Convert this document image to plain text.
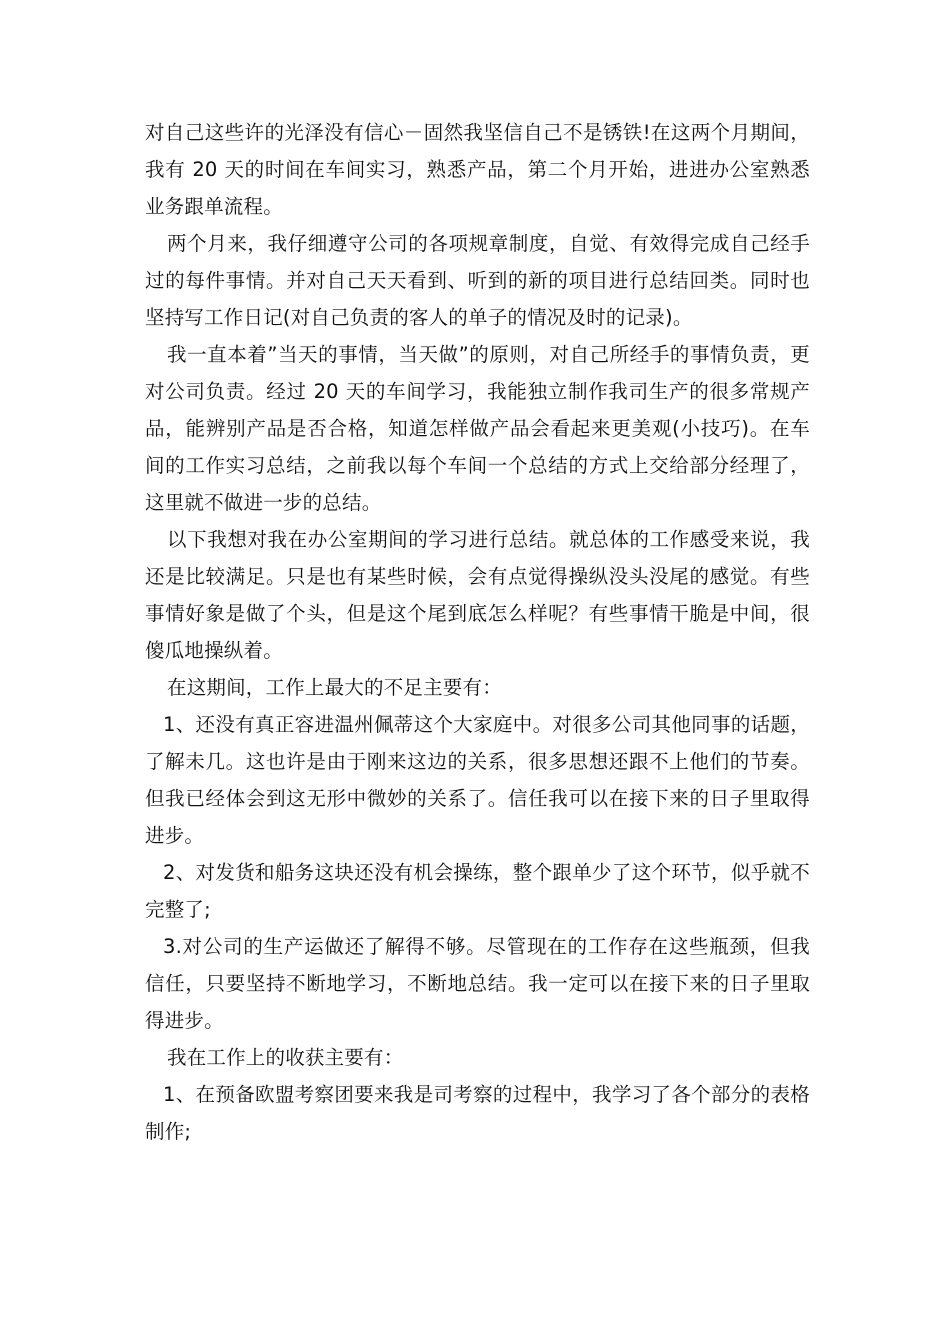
对自己这些许的光泽没有信心－固然我坚信自己不是锈铁!在这两个月期间，我有 20 天的时间在车间实习，熟悉产品，第二个月开始，进进办公室熟悉业务跟单流程。

两个月来，我仔细遵守公司的各项规章制度，自觉、有效得完成自己经手过的每件事情。并对自己天天看到、听到的新的项目进行总结回类。同时也坚持写工作日记(对自己负责的客人的单子的情况及时的记录)。

我一直本着”当天的事情，当天做”的原则，对自己所经手的事情负责，更对公司负责。经过 20 天的车间学习，我能独立制作我司生产的很多常规产品，能辨别产品是否合格，知道怎样做产品会看起来更美观(小技巧)。在车间的工作实习总结，之前我以每个车间一个总结的方式上交给部分经理了，这里就不做进一步的总结。

以下我想对我在办公室期间的学习进行总结。就总体的工作感受来说，我还是比较满足。只是也有某些时候，会有点觉得操纵没头没尾的感觉。有些事情好象是做了个头，但是这个尾到底怎么样呢？有些事情干脆是中间，很傻瓜地操纵着。

在这期间，工作上最大的不足主要有：

1、还没有真正容进温州佩蒂这个大家庭中。对很多公司其他同事的话题，了解未几。这也许是由于刚来这边的关系，很多思想还跟不上他们的节奏。但我已经体会到这无形中微妙的关系了。信任我可以在接下来的日子里取得进步。

2、对发货和船务这块还没有机会操练，整个跟单少了这个环节，似乎就不完整了;

3.对公司的生产运做还了解得不够。尽管现在的工作存在这些瓶颈，但我信任，只要坚持不断地学习，不断地总结。我一定可以在接下来的日子里取得进步。

我在工作上的收获主要有：

1、在预备欧盟考察团要来我是司考察的过程中，我学习了各个部分的表格制作;
